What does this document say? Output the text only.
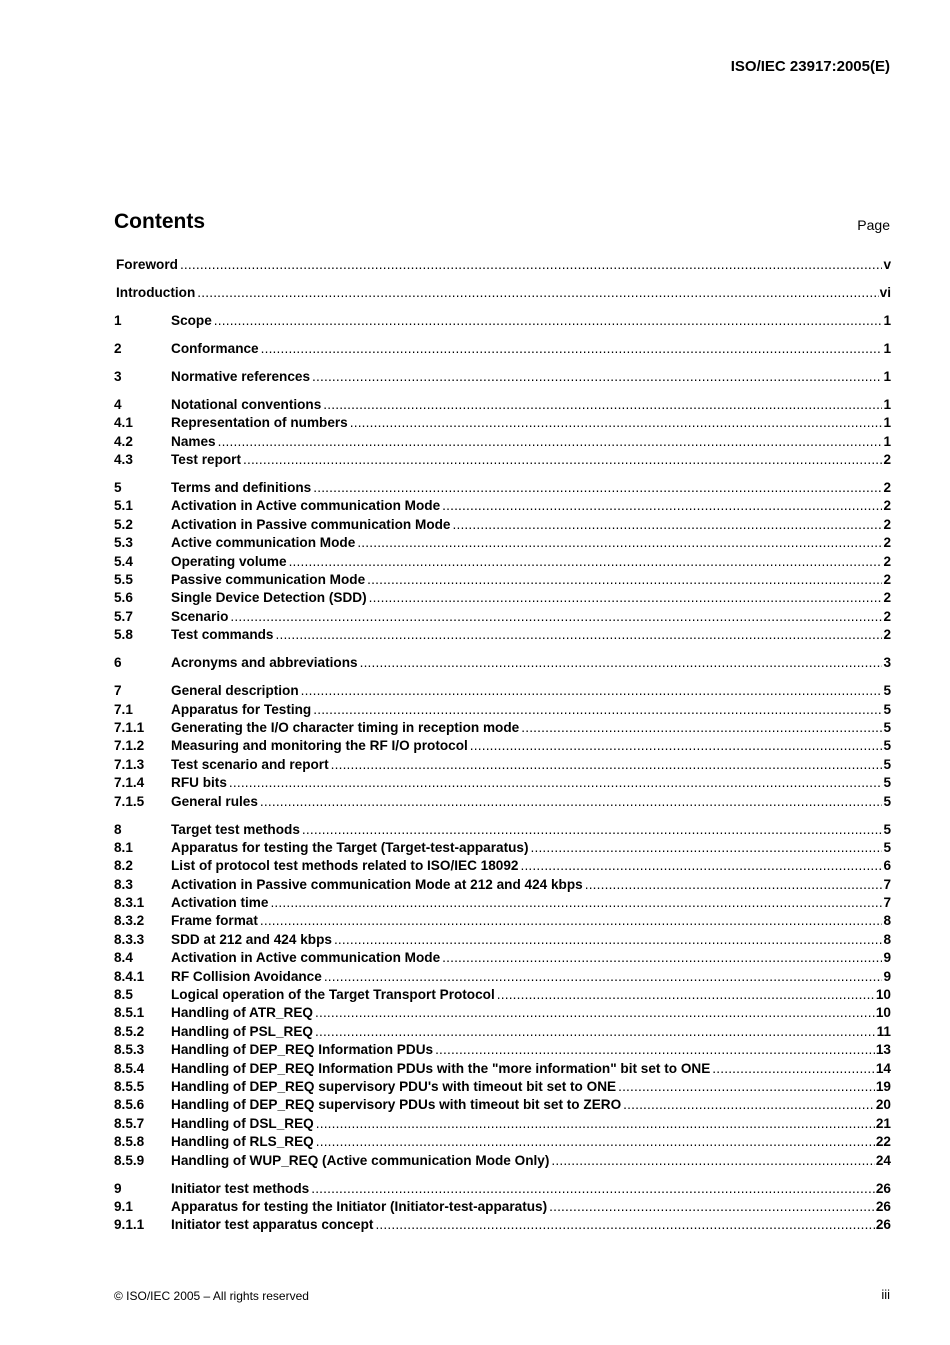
ISO/IEC 23917:2005(E)
Contents	Page
Foreword .....	v
Introduction .....	vi
1	Scope .....	1
2	Conformance .....	1
3	Normative references .....	1
4	Notational conventions .....	1
4.1	Representation of numbers .....	1
4.2	Names .....	1
4.3	Test report .....	2
5	Terms and definitions .....	2
5.1	Activation in Active communication Mode .....	2
5.2	Activation in Passive communication Mode .....	2
5.3	Active communication Mode .....	2
5.4	Operating volume .....	2
5.5	Passive communication Mode .....	2
5.6	Single Device Detection (SDD) .....	2
5.7	Scenario .....	2
5.8	Test commands .....	2
6	Acronyms and abbreviations .....	3
7	General description .....	5
7.1	Apparatus for Testing .....	5
7.1.1	Generating the I/O character timing in reception mode .....	5
7.1.2	Measuring and monitoring the RF I/O protocol .....	5
7.1.3	Test scenario and report .....	5
7.1.4	RFU bits .....	5
7.1.5	General rules .....	5
8	Target test methods .....	5
8.1	Apparatus for testing the Target (Target-test-apparatus) .....	5
8.2	List of protocol test methods related to ISO/IEC 18092 .....	6
8.3	Activation in Passive communication Mode at 212 and 424 kbps .....	7
8.3.1	Activation time .....	7
8.3.2	Frame format .....	8
8.3.3	SDD at 212 and 424 kbps .....	8
8.4	Activation in Active communication Mode .....	9
8.4.1	RF Collision Avoidance .....	9
8.5	Logical operation of the Target Transport Protocol .....	10
8.5.1	Handling of ATR_REQ .....	10
8.5.2	Handling of PSL_REQ .....	11
8.5.3	Handling of DEP_REQ Information PDUs .....	13
8.5.4	Handling of DEP_REQ Information PDUs with the "more information" bit set to ONE .....	14
8.5.5	Handling of DEP_REQ supervisory PDU's with timeout bit set to ONE .....	19
8.5.6	Handling of DEP_REQ supervisory PDUs with timeout bit set to ZERO .....	20
8.5.7	Handling of DSL_REQ .....	21
8.5.8	Handling of RLS_REQ .....	22
8.5.9	Handling of WUP_REQ (Active communication Mode Only) .....	24
9	Initiator test methods .....	26
9.1	Apparatus for testing the Initiator (Initiator-test-apparatus) .....	26
9.1.1	Initiator test apparatus concept .....	26
© ISO/IEC 2005 – All rights reserved	iii
